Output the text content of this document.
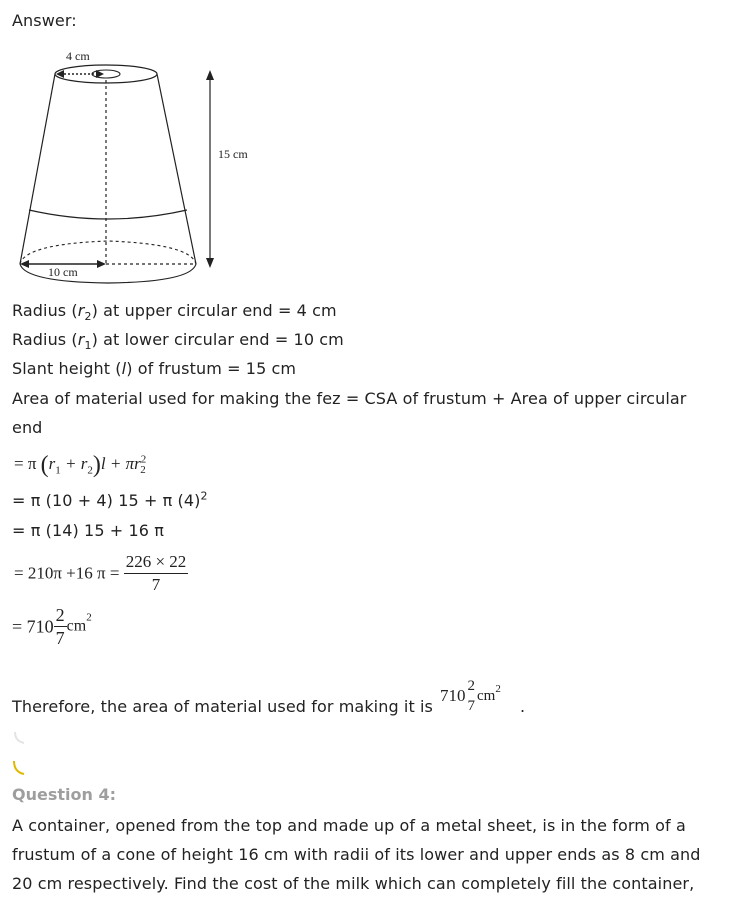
Answer:
4 cm
10 cm
15 cm
Radius $(r_2)$ at upper circular end = 4 cm
Radius $(r_1)$ at lower circular end = 10 cm
Slant height (l) of frustum = 15 cm
Area of material used for making the fez = CSA of frustum + Area of upper circular
end
= π $(r_1 + r_2)l + \pi r^2_2$
= π (10 + 4) 15 + π $(4)^2$
= π (14) 15 + 16 π
= 210π +16 $\pi = \frac{226 \times 22}{7}$
= $710 \frac{2}{7} cm^2$
Therefore, the area of material used for making it is
710 2
7
$cm^2$
.
Question 4:
A container, opened from the top and made up of a metal sheet, is in the form of a
frustum of a cone of height 16 cm with radii of its lower and upper ends as 8 cm and
20 cm respectively. Find the cost of the milk which can completely fill the container,
